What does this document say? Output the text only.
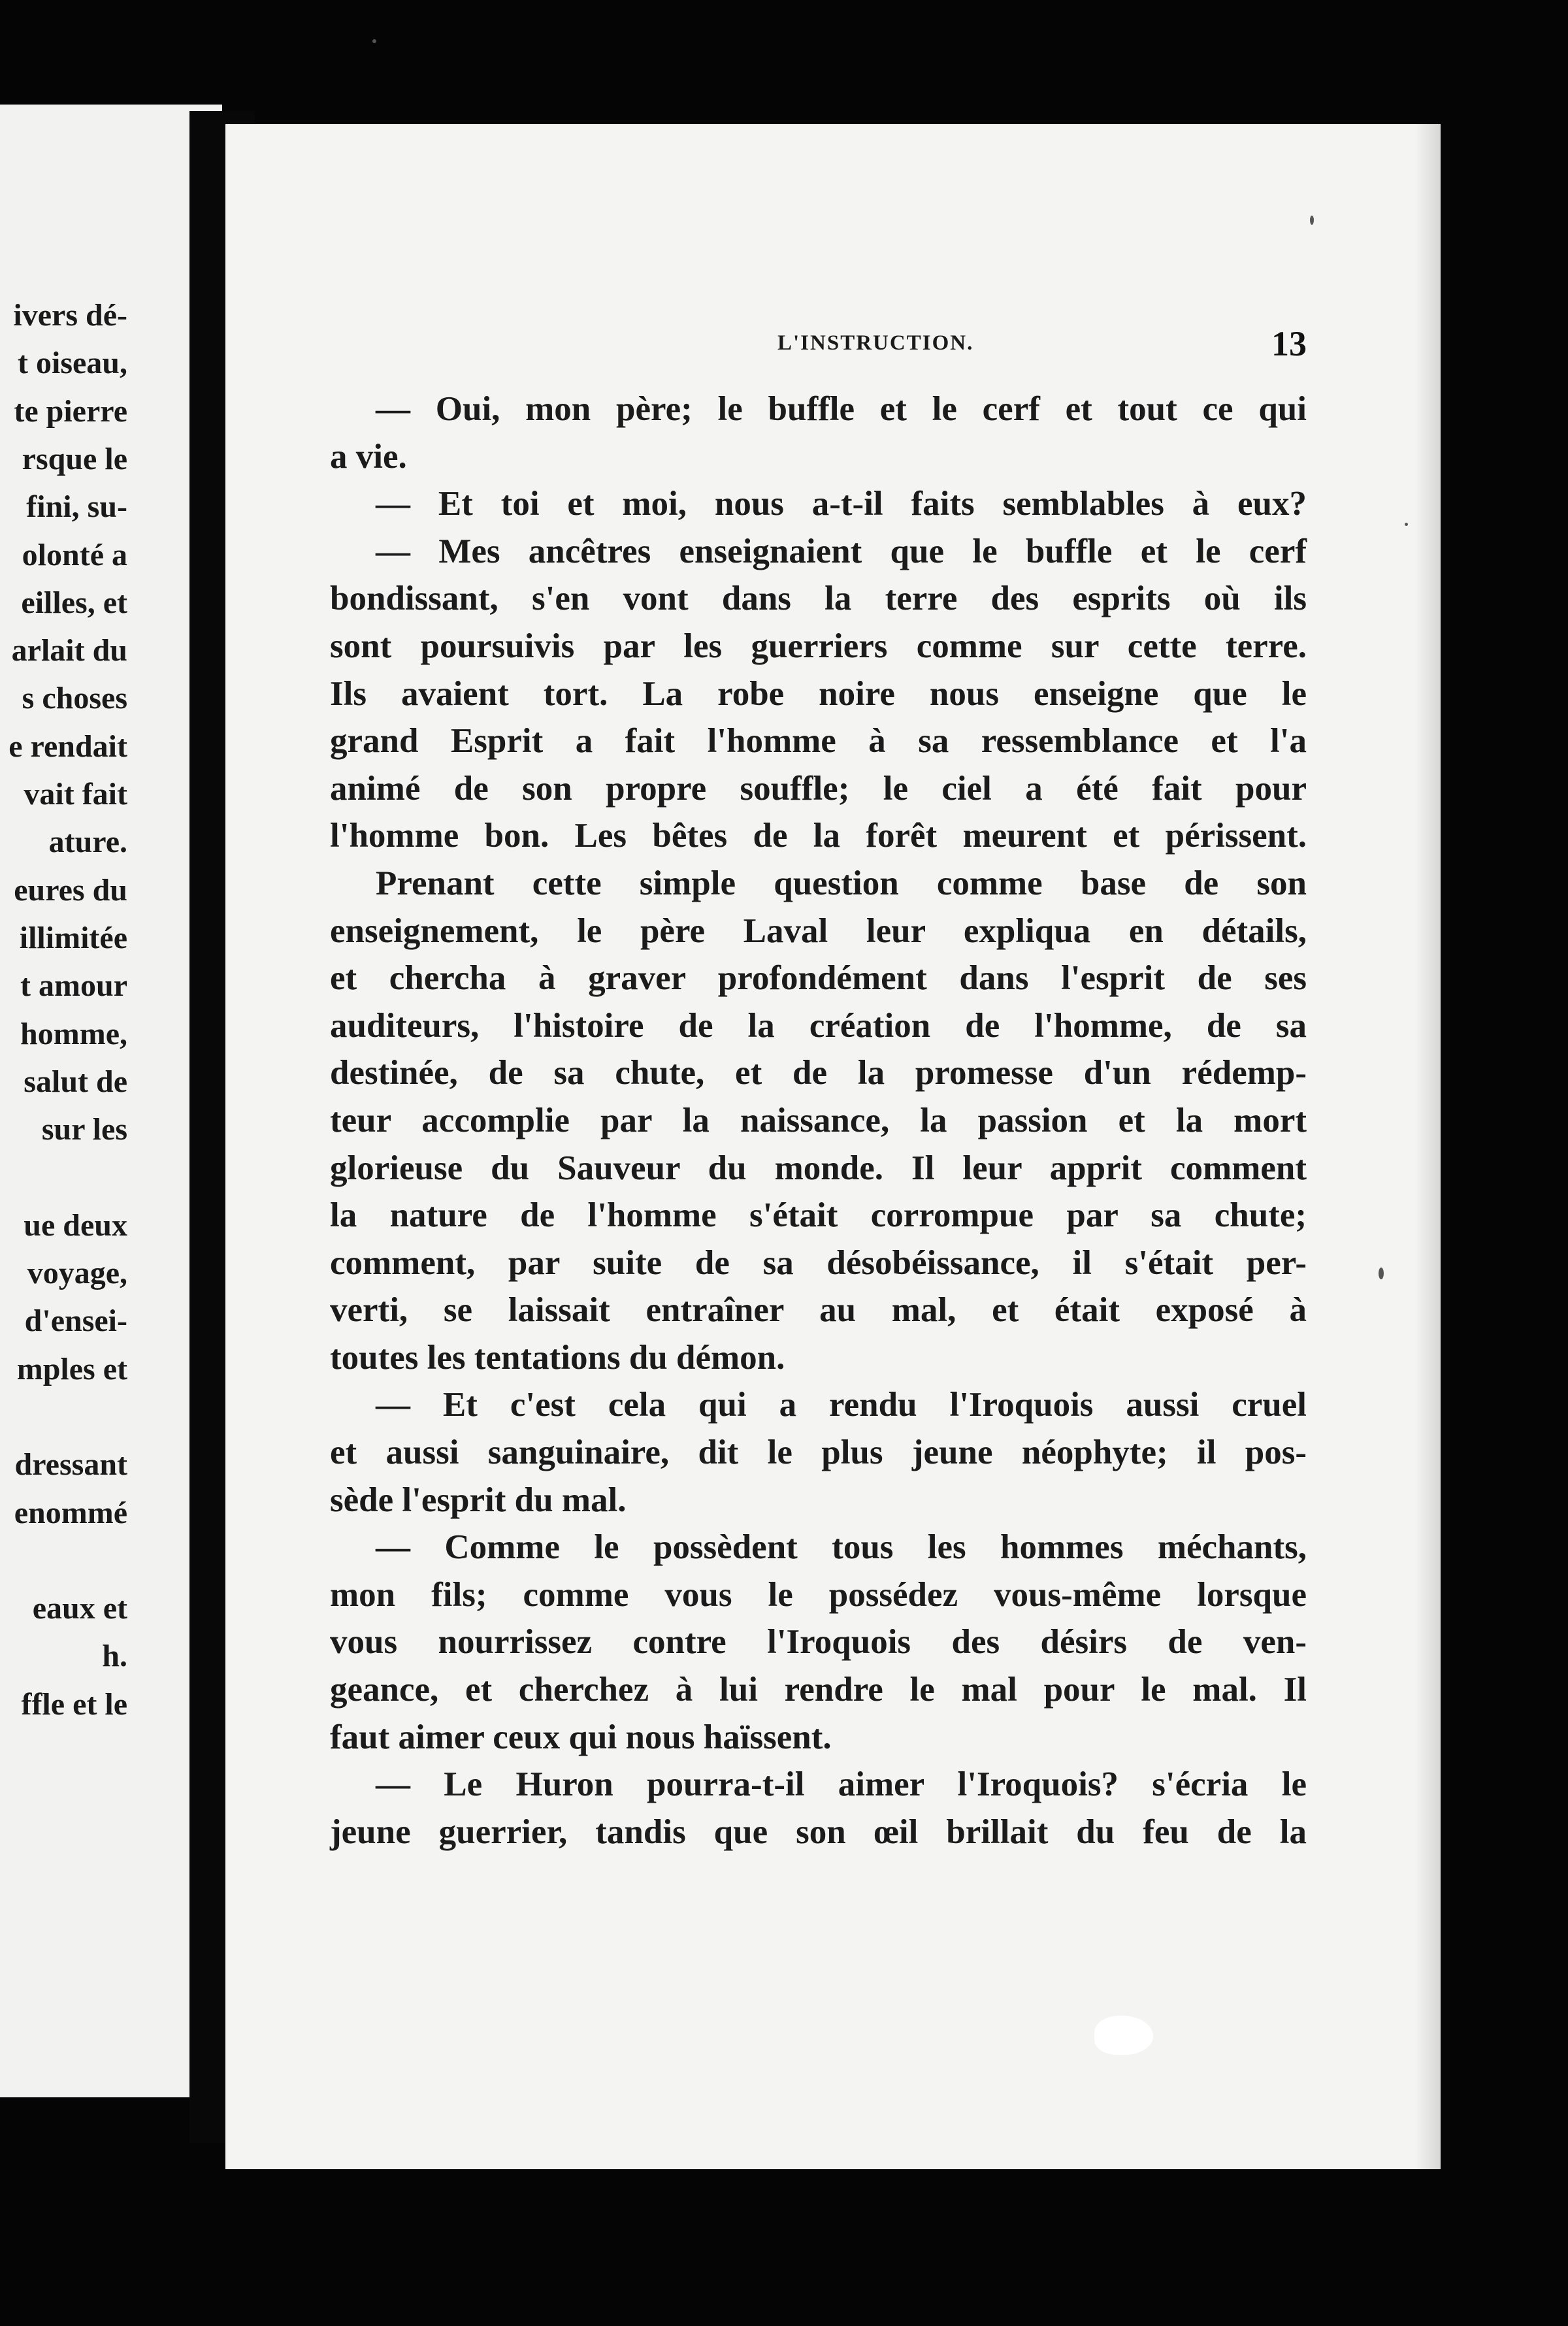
ivers dé-
t oiseau,
te pierre
rsque le
fini, su-
olonté a
eilles, et
arlait du
s choses
e rendait
vait fait
ature.
eures du
illimitée
t amour
homme,
salut de
sur les
ue deux
voyage,
d'ensei-
mples et
dressant
enommé
eaux et
h.
ffle et le
L'INSTRUCTION.	13
— Oui, mon père; le buffle et le cerf et tout ce qui
a vie.
— Et toi et moi, nous a-t-il faits semblables à eux?
— Mes ancêtres enseignaient que le buffle et le cerf
bondissant, s'en vont dans la terre des esprits où ils
sont poursuivis par les guerriers comme sur cette terre.
Ils avaient tort. La robe noire nous enseigne que le
grand Esprit a fait l'homme à sa ressemblance et l'a
animé de son propre souffle; le ciel a été fait pour
l'homme bon. Les bêtes de la forêt meurent et périssent.
Prenant cette simple question comme base de son
enseignement, le père Laval leur expliqua en détails,
et chercha à graver profondément dans l'esprit de ses
auditeurs, l'histoire de la création de l'homme, de sa
destinée, de sa chute, et de la promesse d'un rédemp-
teur accomplie par la naissance, la passion et la mort
glorieuse du Sauveur du monde. Il leur apprit comment
la nature de l'homme s'était corrompue par sa chute;
comment, par suite de sa désobéissance, il s'était per-
verti, se laissait entraîner au mal, et était exposé à
toutes les tentations du démon.
— Et c'est cela qui a rendu l'Iroquois aussi cruel
et aussi sanguinaire, dit le plus jeune néophyte; il pos-
sède l'esprit du mal.
— Comme le possèdent tous les hommes méchants,
mon fils; comme vous le possédez vous-même lorsque
vous nourrissez contre l'Iroquois des désirs de ven-
geance, et cherchez à lui rendre le mal pour le mal. Il
faut aimer ceux qui nous haïssent.
— Le Huron pourra-t-il aimer l'Iroquois? s'écria le
jeune guerrier, tandis que son œil brillait du feu de la
